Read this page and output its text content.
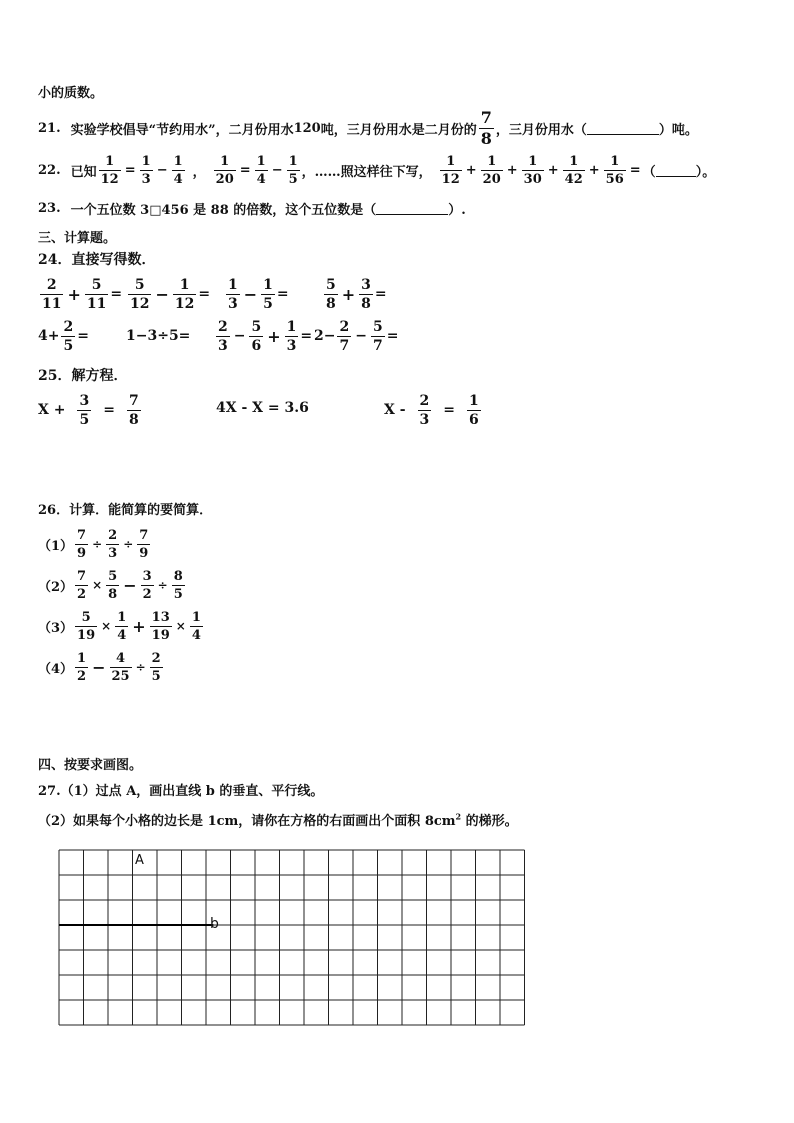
小的质数。
21. 实验学校倡导“节约用水”，二月份用水 120 吨，三月份用水是二月份的 $\frac{7}{8}$ ，三月份用水（	）吨。
22. 已知 $\frac{1}{12} = \frac{1}{3} - \frac{1}{4}$ ， $\frac{1}{20} = \frac{1}{4} - \frac{1}{5}$ ，……照这样往下写， $\frac{1}{12} + \frac{1}{20} + \frac{1}{30} + \frac{1}{42} + \frac{1}{56}$ = （	）。
23. 一个五位数 3□456 是 88 的倍数，这个五位数是（	）.
三、计算题。
24．直接写得数．
$\frac{2}{11} + \frac{5}{11} = \frac{5}{12} - \frac{1}{12} = \frac{1}{3} - \frac{1}{5}$ =	$\frac{5}{8} + \frac{3}{8}$ =
$4+ \frac{2}{5}$ =	$1-3\div 5= \frac{2}{3} - \frac{5}{6} + \frac{1}{3} = 2- \frac{2}{7} - \frac{5}{7}$ =
25．解方程．
$X + \frac{3}{5} = \frac{7}{8}$	4X - X = 3.6	$X - \frac{2}{3} = \frac{1}{6}$
26．计算．能简算的要简算．
$(1) \frac{7}{9} \div \frac{2}{3} \div \frac{7}{9}$
$(2) \frac{7}{2} \times \frac{5}{8} - \frac{3}{2} \div \frac{8}{5}$
$(3) \frac{5}{19} \times \frac{1}{4} + \frac{13}{19} \times \frac{1}{4}$
$(4) \frac{1}{2} - \frac{4}{25} \div \frac{2}{5}$
四、按要求画图。
27.（1）过点 A，画出直线 b 的垂直、平行线。
（2）如果每个小格的边长是 1cm，请你在方格的右面画出个面积 $8cm^2$ 的梯形。
A
b
